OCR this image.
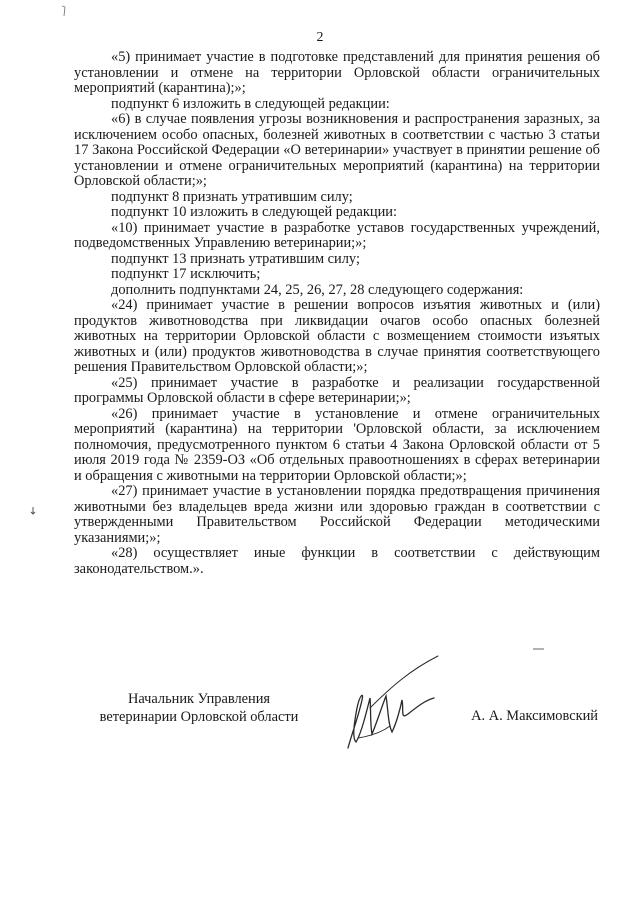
2

«5) принимает участие в подготовке представлений для принятия решения об установлении и отмене на территории Орловской области ограничительных мероприятий (карантина);»;

подпункт 6 изложить в следующей редакции:

«6) в случае появления угрозы возникновения и распространения заразных, за исключением особо опасных, болезней животных в соответствии с частью 3 статьи 17 Закона Российской Федерации «О ветеринарии» участвует в принятии решение об установлении и отмене ограничительных мероприятий (карантина) на территории Орловской области;»;

подпункт 8 признать утратившим силу;

подпункт 10 изложить в следующей редакции:

«10) принимает участие в разработке уставов государственных учреждений, подведомственных Управлению ветеринарии;»;

подпункт 13 признать утратившим силу;

подпункт 17 исключить;

дополнить подпунктами 24, 25, 26, 27, 28 следующего содержания:

«24) принимает участие в решении вопросов изъятия животных и (или) продуктов животноводства при ликвидации очагов особо опасных болезней животных на территории Орловской области с возмещением стоимости изъятых животных и (или) продуктов животноводства в случае принятия соответствующего решения Правительством Орловской области;»;

«25) принимает участие в разработке и реализации государственной программы Орловской области в сфере ветеринарии;»;

«26) принимает участие в установление и отмене ограничительных мероприятий (карантина) на территории 'Орловской области, за исключением полномочия, предусмотренного пунктом 6 статьи 4 Закона Орловской области от 5 июля 2019 года № 2359-ОЗ «Об отдельных правоотношениях в сферах ветеринарии и обращения с животными на территории Орловской области;»;

«27) принимает участие в установлении порядка предотвращения причинения животными без владельцев вреда жизни или здоровью граждан в соответствии с утвержденными Правительством Российской Федерации методическими указаниями;»;

«28) осуществляет иные функции в соответствии с действующим законодательством.».

Начальник Управления
ветеринарии Орловской области	А. А. Максимовский
